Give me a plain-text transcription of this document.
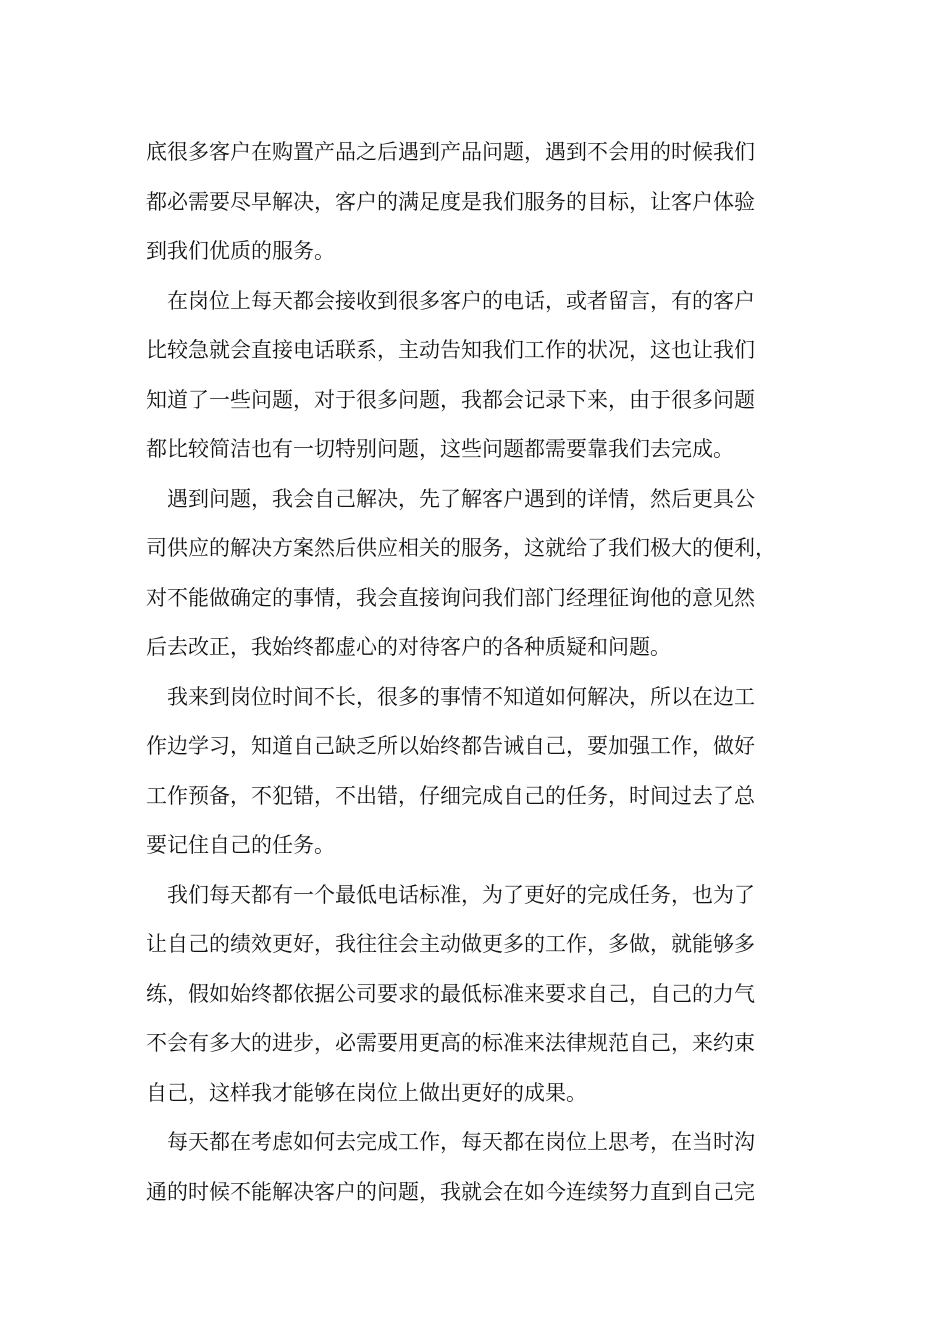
底很多客户在购置产品之后遇到产品问题，遇到不会用的时候我们
都必需要尽早解决，客户的满足度是我们服务的目标，让客户体验
到我们优质的服务。
在岗位上每天都会接收到很多客户的电话，或者留言，有的客户
比较急就会直接电话联系，主动告知我们工作的状况，这也让我们
知道了一些问题，对于很多问题，我都会记录下来，由于很多问题
都比较简洁也有一切特别问题，这些问题都需要靠我们去完成。
遇到问题，我会自己解决，先了解客户遇到的详情，然后更具公
司供应的解决方案然后供应相关的服务，这就给了我们极大的便利，
对不能做确定的事情，我会直接询问我们部门经理征询他的意见然
后去改正，我始终都虚心的对待客户的各种质疑和问题。
我来到岗位时间不长，很多的事情不知道如何解决，所以在边工
作边学习，知道自己缺乏所以始终都告诫自己，要加强工作，做好
工作预备，不犯错，不出错，仔细完成自己的任务，时间过去了总
要记住自己的任务。
我们每天都有一个最低电话标准，为了更好的完成任务，也为了
让自己的绩效更好，我往往会主动做更多的工作，多做，就能够多
练，假如始终都依据公司要求的最低标准来要求自己，自己的力气
不会有多大的进步，必需要用更高的标准来法律规范自己，来约束
自己，这样我才能够在岗位上做出更好的成果。
每天都在考虑如何去完成工作，每天都在岗位上思考，在当时沟
通的时候不能解决客户的问题，我就会在如今连续努力直到自己完
